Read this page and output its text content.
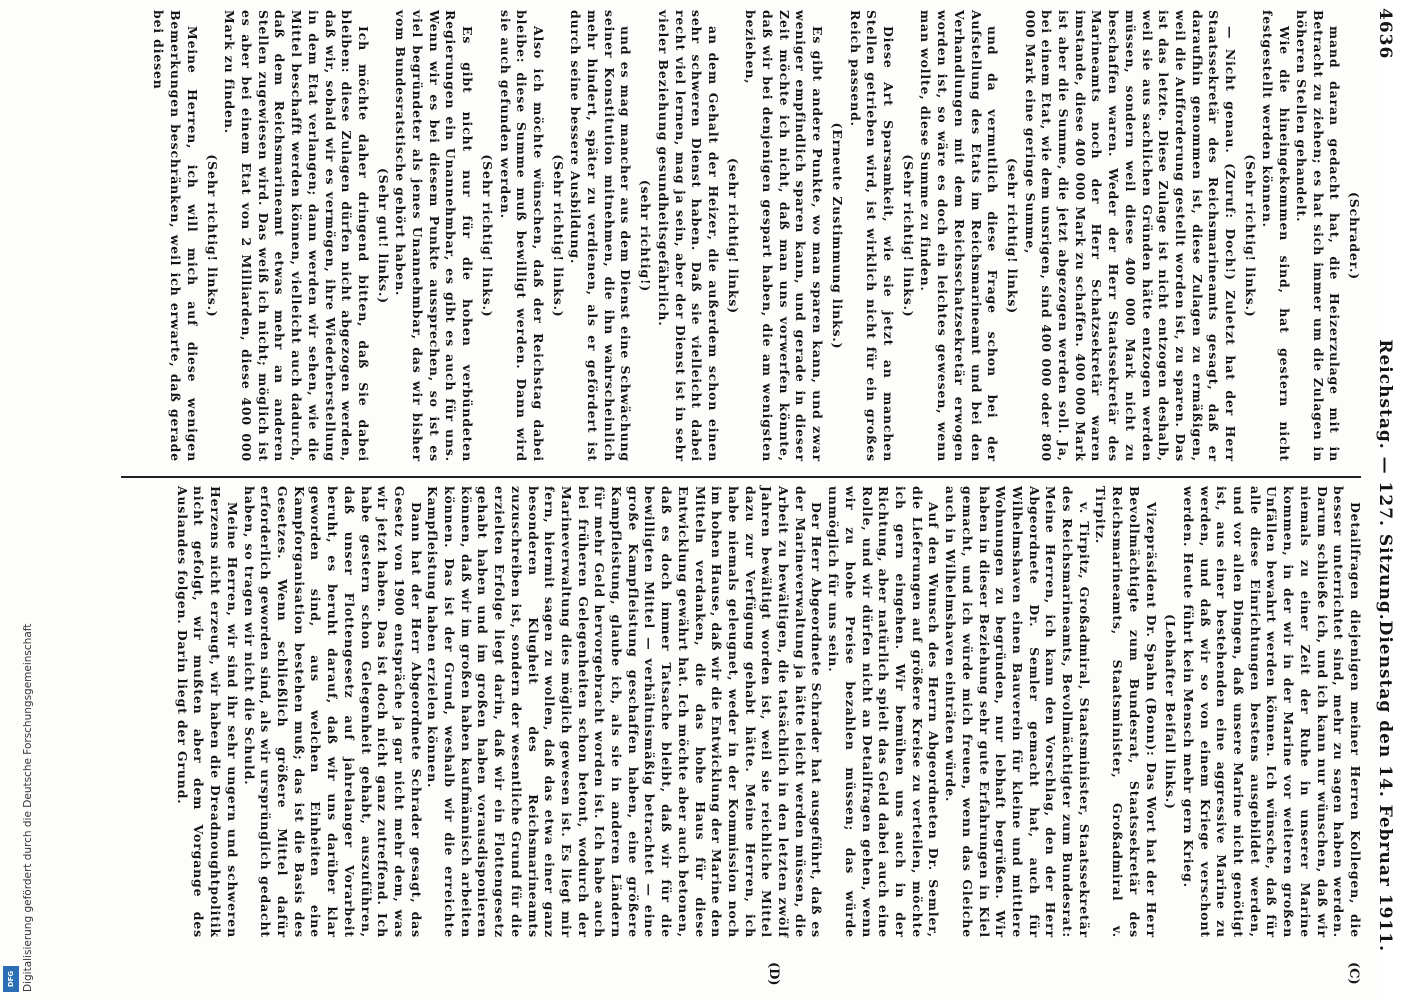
4636
Reichstag. — 127. Sitzung.
Dienstag den 14. Februar 1911.
(C)
(D)

(Schrader.)

mand daran gedacht hat, die Heizerzulage mit in Betracht zu ziehen; es hat sich immer um die Zulagen in höheren Stellen gehandelt.

Wie die hineingekommen sind, hat gestern nicht festgestellt werden können.

(Sehr richtig! links.)

— Nicht genau. (Zuruf: Doch!) Zuletzt hat der Herr Staatssekretär des Reichsmarineamts gesagt, daß er daraufhin genommen ist, diese Zulagen zu ermäßigen, weil die Aufforderung gestellt worden ist, zu sparen. Das ist das letzte. Diese Zulage ist nicht entzogen deshalb, weil sie aus sachlichen Gründen hätte entzogen werden müssen, sondern weil diese 400 000 Mark nicht zu beschaffen waren. Weder der Herr Staatssekretär des Marineamts noch der Herr Schatzsekretär waren imstande, diese 400 000 Mark zu schaffen. 400 000 Mark ist aber die Summe, die jetzt abgezogen werden soll. Ja, bei einem Etat, wie dem unsrigen, sind 400 000 oder 800 000 Mark eine geringe Summe,

(sehr richtig! links)

und da vermutlich diese Frage schon bei der Aufstellung des Etats im Reichsmarineamt und bei den Verhandlungen mit dem Reichsschatzsekretär erwogen worden ist, so wäre es doch ein leichtes gewesen, wenn man wollte, diese Summe zu finden.

(Sehr richtig! links.)

Diese Art Sparsamkeit, wie sie jetzt an manchen Stellen getrieben wird, ist wirklich nicht für ein großes Reich passend.

(Erneute Zustimmung links.)

Es gibt andere Punkte, wo man sparen kann, und zwar weniger empfindlich sparen kann, und gerade in dieser Zeit möchte ich nicht, daß man uns vorwerfen könnte, daß wir bei denjenigen gespart haben, die am wenigsten beziehen,

(sehr richtig! links)

an dem Gehalt der Heizer, die außerdem schon einen sehr schweren Dienst haben. Daß sie vielleicht dabei recht viel lernen, mag ja sein, aber der Dienst ist in sehr vieler Beziehung gesundheitsgefährlich.

(sehr richtig!)

und es mag mancher aus dem Dienst eine Schwächung seiner Konstitution mitnehmen, die ihn wahrscheinlich mehr hindert, später zu verdienen, als er gefördert ist durch seine bessere Ausbildung.

(Sehr richtig! links.)

Also ich möchte wünschen, daß der Reichstag dabei bleibe: diese Summe muß bewilligt werden. Dann wird sie auch gefunden werden.

(Sehr richtig! links.)

Es gibt nicht nur für die hohen verbündeten Regierungen ein Unannehmbar, es gibt es auch für uns. Wenn wir es bei diesem Punkte aussprechen, so ist es viel begründeter als jenes Unannehmbar, das wir bisher vom Bundesratstische gehört haben.

(Sehr gut! links.)

Ich möchte daher dringend bitten, daß Sie dabei bleiben: diese Zulagen dürfen nicht abgezogen werden, daß wir, sobald wir es vermögen, ihre Wiederherstellung in dem Etat verlangen; dann werden wir sehen, wie die Mittel beschafft werden können, vielleicht auch dadurch, daß dem Reichsmarineamt etwas mehr an anderen Stellen zugewiesen wird. Das weiß ich nicht; möglich ist es aber bei einem Etat von 2 Milliarden, diese 400 000 Mark zu finden.

(Sehr richtig! links.)

Meine Herren, ich will mich auf diese wenigen Bemerkungen beschränken, weil ich erwarte, daß gerade bei diesen

Detailfragen diejenigen meiner Herren Kollegen, die besser unterrichtet sind, mehr zu sagen haben werden. Darum schließe ich, und ich kann nur wünschen, daß wir niemals zu einer Zeit der Ruhe in unserer Marine kommen, in der wir in der Marine vor weiteren großen Unfällen bewahrt werden können. Ich wünsche, daß für alle diese Einrichtungen bestens ausgebildet werden, und vor allen Dingen, daß unsere Marine nicht genötigt ist, aus einer bestehenden eine aggressive Marine zu werden, und daß wir so von einem Kriege verschont werden. Heute führt kein Mensch mehr gern Krieg.

(Lebhafter Beifall links.)

Vizepräsident Dr. Spahn (Bonn): Das Wort hat der Herr Bevollmächtigte zum Bundesrat, Staatssekretär des Reichsmarineamts, Staatsminister, Großadmiral v. Tirpitz.

v. Tirpitz, Großadmiral, Staatsminister, Staatssekretär des Reichsmarineamts, Bevollmächtigter zum Bundesrat: Meine Herren, ich kann den Vorschlag, den der Herr Abgeordnete Dr. Semler gemacht hat, auch für Wilhelmshaven einen Bauverein für kleine und mittlere Wohnungen zu begründen, nur lebhaft begrüßen. Wir haben in dieser Beziehung sehr gute Erfahrungen in Kiel gemacht, und ich würde mich freuen, wenn das Gleiche auch in Wilhelmshaven einträten würde.

Auf den Wunsch des Herrn Abgeordneten Dr. Semler, die Lieferungen auf größere Kreise zu verteilen, möchte ich gern eingehen. Wir bemühen uns auch in der Richtung, aber natürlich spielt das Geld dabei auch eine Rolle, und wir dürfen nicht an Detailfragen gehen, wenn wir zu hohe Preise bezahlen müssen; das würde unmöglich für uns sein.

Der Herr Abgeordnete Schrader hat ausgeführt, daß es der Marineverwaltung ja hätte leicht werden müssen, die Arbeit zu bewältigen, die tatsächlich in den letzten zwölf Jahren bewältigt worden ist, weil sie reichliche Mittel dazu zur Verfügung gehabt hätte. Meine Herren, ich habe niemals geleugnet, weder in der Kommission noch im hohen Hause, daß wir die Entwicklung der Marine den Mitteln verdanken, die das hohe Haus für diese Entwicklung gewährt hat. Ich möchte aber auch betonen, daß es doch immer Tatsache bleibt, daß wir für die bewilligten Mittel — verhältnismäßig betrachtet — eine große Kampfleistung geschaffen haben, eine größere Kampfleistung, glaube ich, als sie in anderen Ländern für mehr Geld hervorgebracht worden ist. Ich habe auch bei früheren Gelegenheiten schon betont, wodurch der Marineverwaltung dies möglich gewesen ist. Es liegt mir fern, hiermit sagen zu wollen, daß das etwa einer ganz besonderen Klugheit des Reichsmarineamts zuzuschreiben ist, sondern der wesentliche Grund für die erzielten Erfolge liegt darin, daß wir ein Flottengesetz gehabt haben und im großen haben vorausdisponieren können, daß wir im großen haben kaufmännisch arbeiten können. Das ist der Grund, weshalb wir die erreichte Kampfleistung haben erzielen können.

Dann hat der Herr Abgeordnete Schrader gesagt, das Gesetz von 1900 entspräche ja gar nicht mehr dem, was wir jetzt haben. Das ist doch nicht ganz zutreffend. Ich habe gestern schon Gelegenheit gehabt, auszuführen, daß unser Flottengesetz auf jahrelanger Vorarbeit beruht, es beruht darauf, daß wir uns darüber klar geworden sind, aus welchen Einheiten eine Kampforganisation bestehen muß; das ist die Basis des Gesetzes. Wenn schließlich größere Mittel dafür erforderlich geworden sind, als wir ursprünglich gedacht haben, so tragen wir nicht die Schuld.

Meine Herren, wir sind ihr sehr ungern und schweren Herzens nicht erzeugt, wir haben die Dreadnoughtpolitik nicht gefolgt, wir mußten aber dem Vorgange des Auslandes folgen. Darin liegt der Grund.

Digitalisierung gefördert durch die Deutsche Forschungsgemeinschaft
DFG
